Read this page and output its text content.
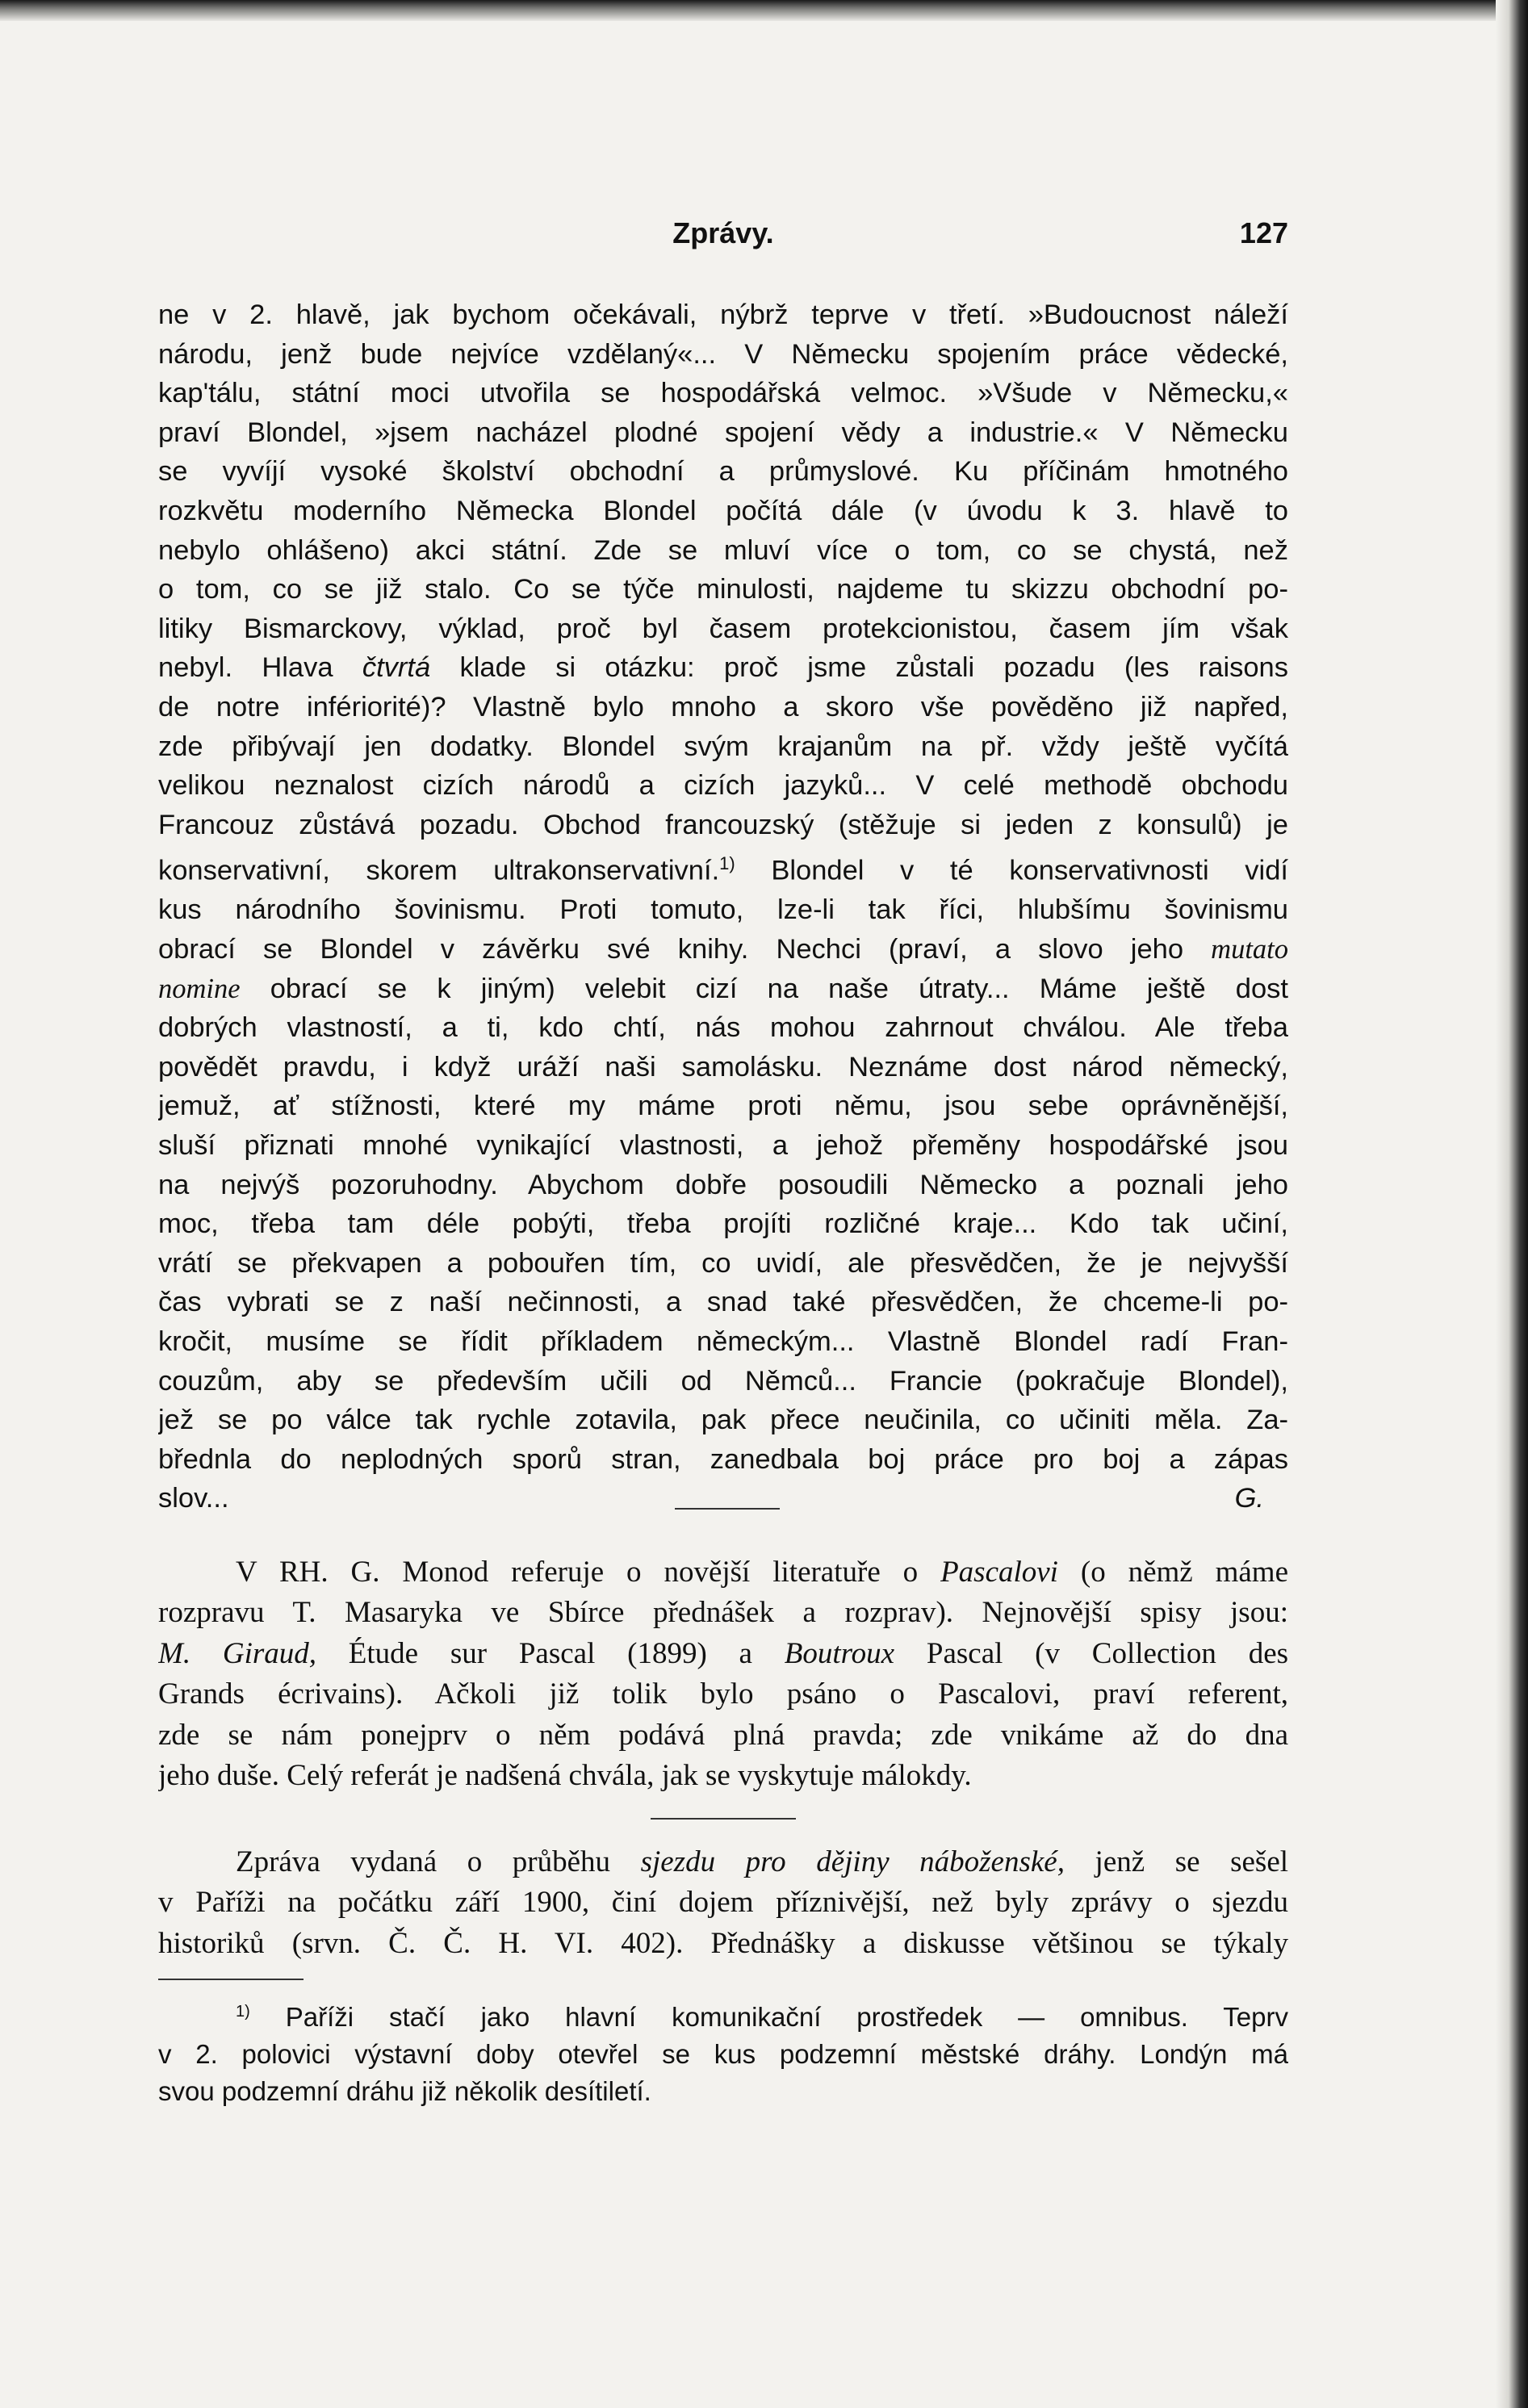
Zprávy.	127
ne v 2. hlavě, jak bychom očekávali, nýbrž teprve v třetí. »Budoucnost náleží
národu, jenž bude nejvíce vzdělaný«... V Německu spojením práce vědecké,
kap'tálu, státní moci utvořila se hospodářská velmoc. »Všude v Německu,«
praví Blondel, »jsem nacházel plodné spojení vědy a industrie.« V Německu
se vyvíjí vysoké školství obchodní a průmyslové. Ku příčinám hmotného
rozkvětu moderního Německa Blondel počítá dále (v úvodu k 3. hlavě to
nebylo ohlášeno) akci státní. Zde se mluví více o tom, co se chystá, než
o tom, co se již stalo. Co se týče minulosti, najdeme tu skizzu obchodní po-
litiky Bismarckovy, výklad, proč byl časem protekcionistou, časem jím však
nebyl. Hlava čtvrtá klade si otázku: proč jsme zůstali pozadu (les raisons
de notre infériorité)? Vlastně bylo mnoho a skoro vše pověděno již napřed,
zde přibývají jen dodatky. Blondel svým krajanům na př. vždy ještě vyčítá
velikou neznalost cizích národů a cizích jazyků... V celé methodě obchodu
Francouz zůstává pozadu. Obchod francouzský (stěžuje si jeden z konsulů) je
konservativní, skorem ultrakonservativní.$^{1)}$ Blondel v té konservativnosti vidí
kus národního šovinismu. Proti tomuto, lze-li tak říci, hlubšímu šovinismu
obrací se Blondel v závěrku své knihy. Nechci (praví, a slovo jeho mutato
nomine obrací se k jiným) velebit cizí na naše útraty... Máme ještě dost
dobrých vlastností, a ti, kdo chtí, nás mohou zahrnout chválou. Ale třeba
povědět pravdu, i když uráží naši samolásku. Neznáme dost národ německý,
jemuž, ať stížnosti, které my máme proti němu, jsou sebe oprávněnější,
sluší přiznati mnohé vynikající vlastnosti, a jehož přeměny hospodářské jsou
na nejvýš pozoruhodny. Abychom dobře posoudili Německo a poznali jeho
moc, třeba tam déle pobýti, třeba projíti rozličné kraje... Kdo tak učiní,
vrátí se překvapen a pobouřen tím, co uvidí, ale přesvědčen, že je nejvyšší
čas vybrati se z naší nečinnosti, a snad také přesvědčen, že chceme-li po-
kročit, musíme se řídit příkladem německým... Vlastně Blondel radí Fran-
couzům, aby se především učili od Němců... Francie (pokračuje Blondel),
jež se po válce tak rychle zotavila, pak přece neučinila, co učiniti měla. Za-
břednla do neplodných sporů stran, zanedbala boj práce pro boj a zápas
slov...	G.
V RH. G. Monod referuje o novější literatuře o Pascalovi (o němž máme
rozpravu T. Masaryka ve Sbírce přednášek a rozprav). Nejnovější spisy jsou:
M. Giraud, Étude sur Pascal (1899) a Boutroux Pascal (v Collection des
Grands écrivains). Ačkoli již tolik bylo psáno o Pascalovi, praví referent,
zde se nám ponejprv o něm podává plná pravda; zde vnikáme až do dna
jeho duše. Celý referát je nadšená chvála, jak se vyskytuje málokdy.
Zpráva vydaná o průběhu sjezdu pro dějiny náboženské, jenž se sešel
v Paříži na počátku září 1900, činí dojem příznivější, než byly zprávy o sjezdu
historiků (srvn. Č. Č. H. VI. 402). Přednášky a diskusse většinou se týkaly
$^{1)}$ Paříži stačí jako hlavní komunikační prostředek — omnibus. Teprv
v 2. polovici výstavní doby otevřel se kus podzemní městské dráhy. Londýn má
svou podzemní dráhu již několik desítiletí.
